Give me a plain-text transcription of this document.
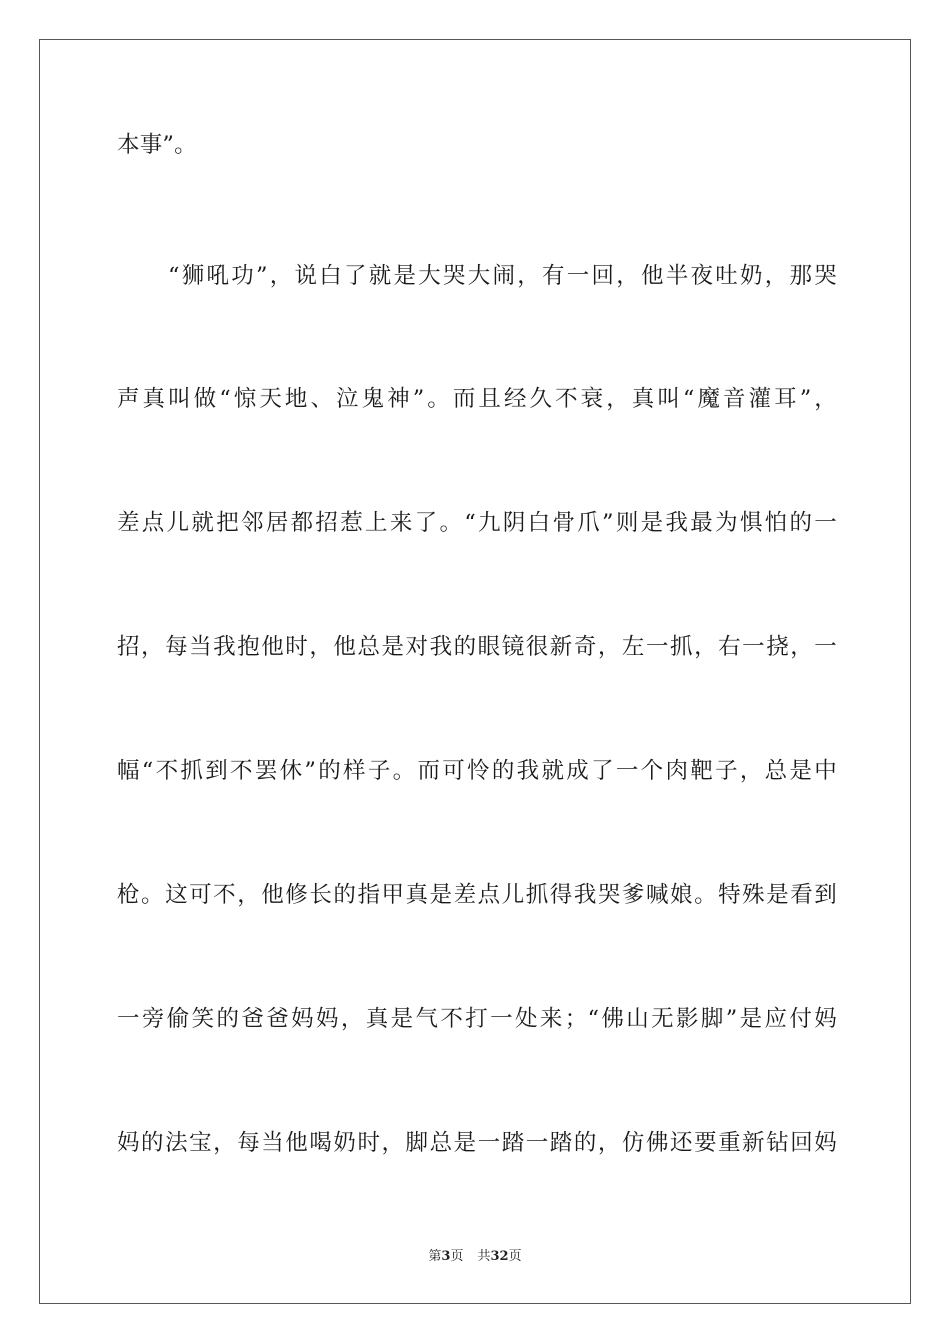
本事”。
“狮吼功”，说白了就是大哭大闹，有一回，他半夜吐奶，那哭
声真叫做“惊天地、泣鬼神”。而且经久不衰，真叫“魔音灌耳”，
差点儿就把邻居都招惹上来了。“九阴白骨爪”则是我最为惧怕的一
招，每当我抱他时，他总是对我的眼镜很新奇，左一抓，右一挠，一
幅“不抓到不罢休”的样子。而可怜的我就成了一个肉靶子，总是中
枪。这可不，他修长的指甲真是差点儿抓得我哭爹喊娘。特殊是看到
一旁偷笑的爸爸妈妈，真是气不打一处来；“佛山无影脚”是应付妈
妈的法宝，每当他喝奶时，脚总是一踏一踏的，仿佛还要重新钻回妈
第3页 共32页
